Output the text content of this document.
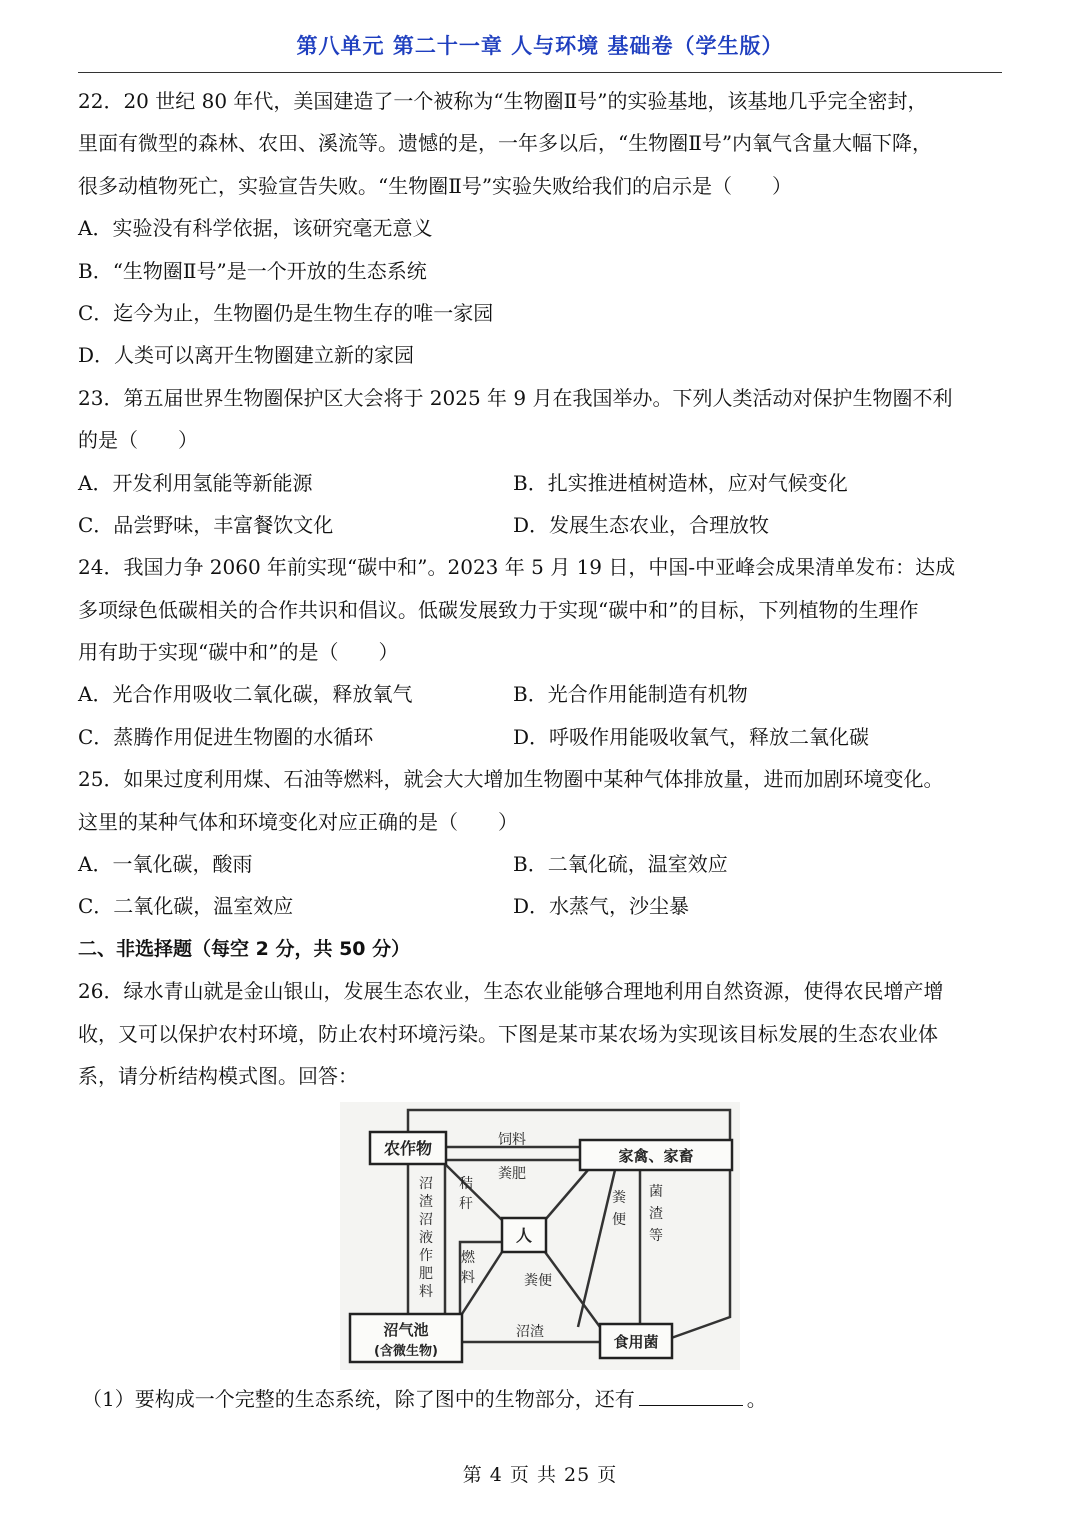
第八单元 第二十一章 人与环境 基础卷（学生版）
22．20 世纪 80 年代，美国建造了一个被称为“生物圈Ⅱ号”的实验基地，该基地几乎完全密封，
里面有微型的森林、农田、溪流等。遗憾的是，一年多以后，“生物圈Ⅱ号”内氧气含量大幅下降，
很多动植物死亡，实验宣告失败。“生物圈Ⅱ号”实验失败给我们的启示是（　　）
A．实验没有科学依据，该研究毫无意义
B．“生物圈Ⅱ号”是一个开放的生态系统
C．迄今为止，生物圈仍是生物生存的唯一家园
D．人类可以离开生物圈建立新的家园
23．第五届世界生物圈保护区大会将于 2025 年 9 月在我国举办。下列人类活动对保护生物圈不利
的是（　　）
A．开发利用氢能等新能源	B．扎实推进植树造林，应对气候变化
C．品尝野味，丰富餐饮文化	D．发展生态农业，合理放牧
24．我国力争 2060 年前实现“碳中和”。2023 年 5 月 19 日，中国-中亚峰会成果清单发布：达成
多项绿色低碳相关的合作共识和倡议。低碳发展致力于实现“碳中和”的目标，下列植物的生理作
用有助于实现“碳中和”的是（　　）
A．光合作用吸收二氧化碳，释放氧气	B．光合作用能制造有机物
C．蒸腾作用促进生物圈的水循环	D．呼吸作用能吸收氧气，释放二氧化碳
25．如果过度利用煤、石油等燃料，就会大大增加生物圈中某种气体排放量，进而加剧环境变化。
这里的某种气体和环境变化对应正确的是（　　）
A．一氧化碳，酸雨	B．二氧化硫，温室效应
C．二氧化碳，温室效应	D．水蒸气，沙尘暴
二、非选择题（每空 2 分，共 50 分）
26．绿水青山就是金山银山，发展生态农业，生态农业能够合理地利用自然资源，使得农民增产增
收，又可以保护农村环境，防止农村环境污染。下图是某市某农场为实现该目标发展的生态农业体
系，请分析结构模式图。回答：
农作物	家禽、家畜
人
沼气池
(含微生物)
食用菌
饲料
粪肥
粪便
沼渣
沼渣沼液作肥料
秸秆
燃料
粪便
菌渣等
（1）要构成一个完整的生态系统，除了图中的生物部分，还有	。
第 4 页 共 25 页
